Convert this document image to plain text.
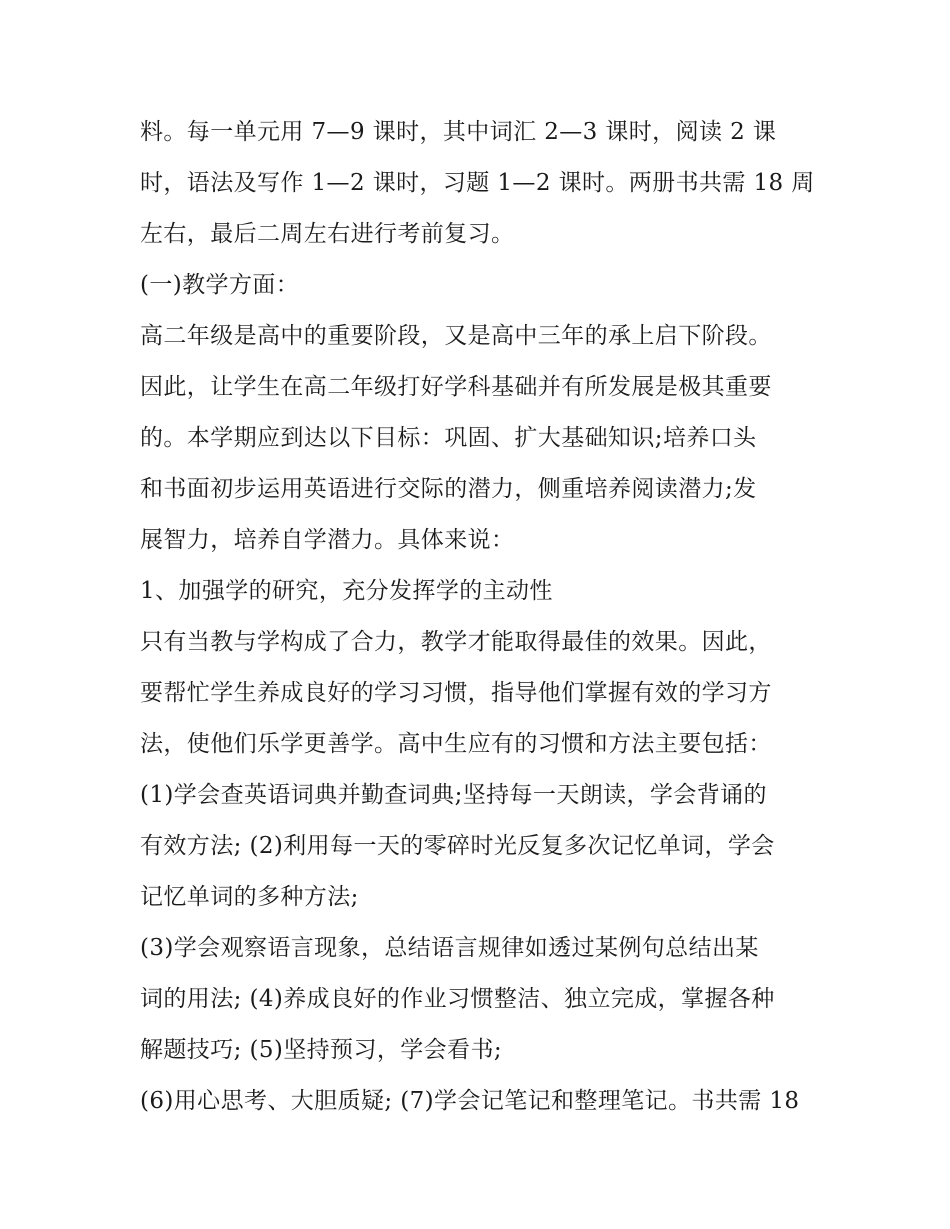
料。每一单元用 7—9 课时，其中词汇 2—3 课时，阅读 2 课
时，语法及写作 1—2 课时，习题 1—2 课时。两册书共需 18 周
左右，最后二周左右进行考前复习。
(一)教学方面：
高二年级是高中的重要阶段，又是高中三年的承上启下阶段。
因此，让学生在高二年级打好学科基础并有所发展是极其重要
的。本学期应到达以下目标：巩固、扩大基础知识;培养口头
和书面初步运用英语进行交际的潜力，侧重培养阅读潜力;发
展智力，培养自学潜力。具体来说：
1、加强学的研究，充分发挥学的主动性
只有当教与学构成了合力，教学才能取得最佳的效果。因此，
要帮忙学生养成良好的学习习惯，指导他们掌握有效的学习方
法，使他们乐学更善学。高中生应有的习惯和方法主要包括：
(1)学会查英语词典并勤查词典;坚持每一天朗读，学会背诵的
有效方法; (2)利用每一天的零碎时光反复多次记忆单词，学会
记忆单词的多种方法;
(3)学会观察语言现象，总结语言规律如透过某例句总结出某
词的用法; (4)养成良好的作业习惯整洁、独立完成，掌握各种
解题技巧; (5)坚持预习，学会看书;
(6)用心思考、大胆质疑; (7)学会记笔记和整理笔记。书共需 18
